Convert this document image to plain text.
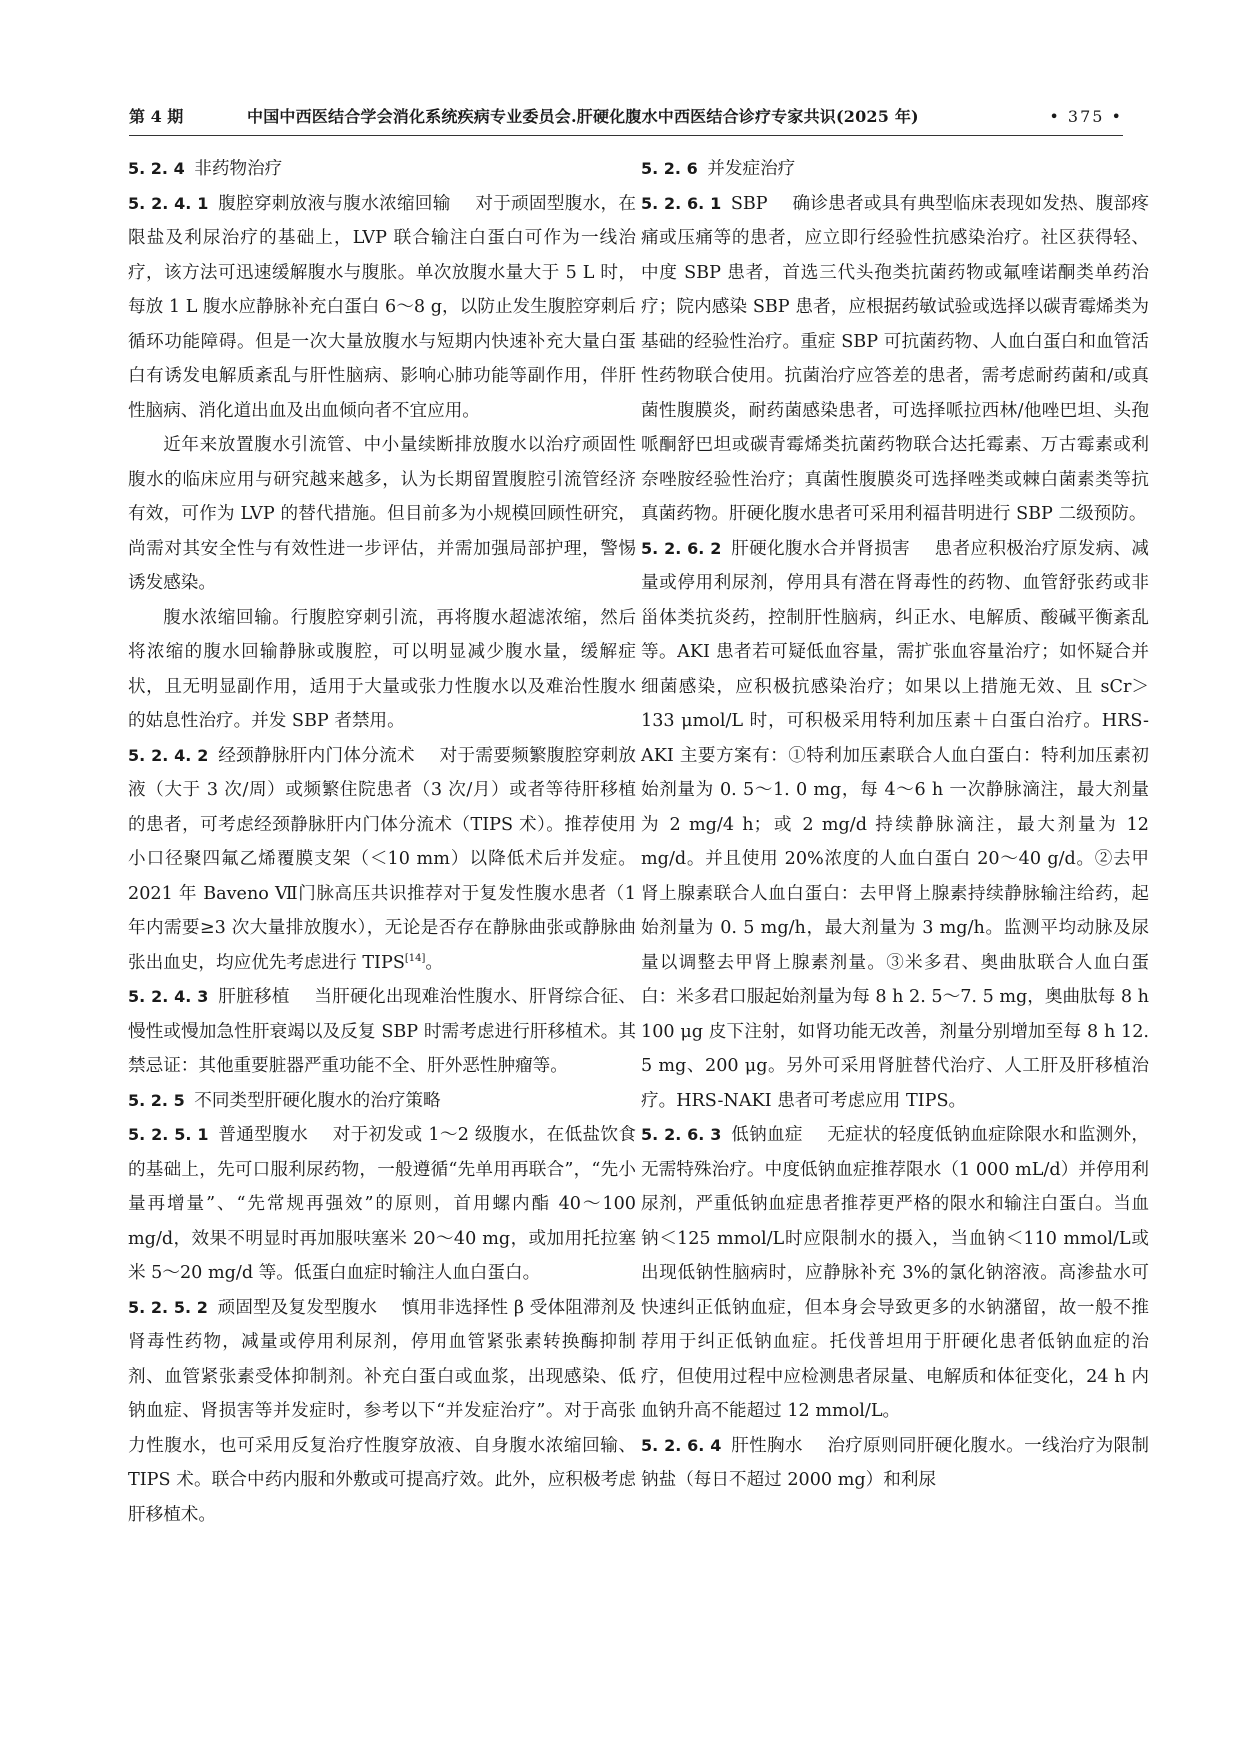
第 4 期	中国中西医结合学会消化系统疾病专业委员会.肝硬化腹水中西医结合诊疗专家共识(2025 年)	• 375 •

5. 2. 4 非药物治疗

5. 2. 4. 1 腹腔穿刺放液与腹水浓缩回输 对于顽固型腹水，在限盐及利尿治疗的基础上，LVP 联合输注白蛋白可作为一线治疗，该方法可迅速缓解腹水与腹胀。单次放腹水量大于 5 L 时，每放 1 L 腹水应静脉补充白蛋白 6～8 g，以防止发生腹腔穿刺后循环功能障碍。但是一次大量放腹水与短期内快速补充大量白蛋白有诱发电解质紊乱与肝性脑病、影响心肺功能等副作用，伴肝性脑病、消化道出血及出血倾向者不宜应用。

近年来放置腹水引流管、中小量续断排放腹水以治疗顽固性腹水的临床应用与研究越来越多，认为长期留置腹腔引流管经济有效，可作为 LVP 的替代措施。但目前多为小规模回顾性研究，尚需对其安全性与有效性进一步评估，并需加强局部护理，警惕诱发感染。

腹水浓缩回输。行腹腔穿刺引流，再将腹水超滤浓缩，然后将浓缩的腹水回输静脉或腹腔，可以明显减少腹水量，缓解症状，且无明显副作用，适用于大量或张力性腹水以及难治性腹水的姑息性治疗。并发 SBP 者禁用。

5. 2. 4. 2 经颈静脉肝内门体分流术 对于需要频繁腹腔穿刺放液（大于 3 次/周）或频繁住院患者（3 次/月）或者等待肝移植的患者，可考虑经颈静脉肝内门体分流术（TIPS 术）。推荐使用小口径聚四氟乙烯覆膜支架（＜10 mm）以降低术后并发症。2021 年 Baveno Ⅶ门脉高压共识推荐对于复发性腹水患者（1 年内需要≥3 次大量排放腹水），无论是否存在静脉曲张或静脉曲张出血史，均应优先考虑进行 TIPS[14]。

5. 2. 4. 3 肝脏移植 当肝硬化出现难治性腹水、肝肾综合征、慢性或慢加急性肝衰竭以及反复 SBP 时需考虑进行肝移植术。其禁忌证：其他重要脏器严重功能不全、肝外恶性肿瘤等。

5. 2. 5 不同类型肝硬化腹水的治疗策略

5. 2. 5. 1 普通型腹水 对于初发或 1～2 级腹水，在低盐饮食的基础上，先可口服利尿药物，一般遵循“先单用再联合”，“先小量再增量”、“先常规再强效”的原则，首用螺内酯 40～100 mg/d，效果不明显时再加服呋塞米 20～40 mg，或加用托拉塞米 5～20 mg/d 等。低蛋白血症时输注人血白蛋白。

5. 2. 5. 2 顽固型及复发型腹水 慎用非选择性 β 受体阻滞剂及肾毒性药物，减量或停用利尿剂，停用血管紧张素转换酶抑制剂、血管紧张素受体抑制剂。补充白蛋白或血浆，出现感染、低钠血症、肾损害等并发症时，参考以下“并发症治疗”。对于高张力性腹水，也可采用反复治疗性腹穿放液、自身腹水浓缩回输、TIPS 术。联合中药内服和外敷或可提高疗效。此外，应积极考虑肝移植术。

5. 2. 6 并发症治疗

5. 2. 6. 1 SBP 确诊患者或具有典型临床表现如发热、腹部疼痛或压痛等的患者，应立即行经验性抗感染治疗。社区获得轻、中度 SBP 患者，首选三代头孢类抗菌药物或氟喹诺酮类单药治疗；院内感染 SBP 患者，应根据药敏试验或选择以碳青霉烯类为基础的经验性治疗。重症 SBP 可抗菌药物、人血白蛋白和血管活性药物联合使用。抗菌治疗应答差的患者，需考虑耐药菌和/或真菌性腹膜炎，耐药菌感染患者，可选择哌拉西林/他唑巴坦、头孢哌酮舒巴坦或碳青霉烯类抗菌药物联合达托霉素、万古霉素或利奈唑胺经验性治疗；真菌性腹膜炎可选择唑类或棘白菌素类等抗真菌药物。肝硬化腹水患者可采用利福昔明进行 SBP 二级预防。

5. 2. 6. 2 肝硬化腹水合并肾损害 患者应积极治疗原发病、减量或停用利尿剂，停用具有潜在肾毒性的药物、血管舒张药或非甾体类抗炎药，控制肝性脑病，纠正水、电解质、酸碱平衡紊乱等。AKI 患者若可疑低血容量，需扩张血容量治疗；如怀疑合并细菌感染，应积极抗感染治疗；如果以上措施无效、且 sCr＞133 μmol/L 时，可积极采用特利加压素＋白蛋白治疗。HRS-AKI 主要方案有：①特利加压素联合人血白蛋白：特利加压素初始剂量为 0. 5～1. 0 mg，每 4～6 h 一次静脉滴注，最大剂量为 2 mg/4 h；或 2 mg/d 持续静脉滴注，最大剂量为 12 mg/d。并且使用 20%浓度的人血白蛋白 20～40 g/d。②去甲肾上腺素联合人血白蛋白：去甲肾上腺素持续静脉输注给药，起始剂量为 0. 5 mg/h，最大剂量为 3 mg/h。监测平均动脉及尿量以调整去甲肾上腺素剂量。③米多君、奥曲肽联合人血白蛋白：米多君口服起始剂量为每 8 h 2. 5～7. 5 mg，奥曲肽每 8 h 100 μg 皮下注射，如肾功能无改善，剂量分别增加至每 8 h 12. 5 mg、200 μg。另外可采用肾脏替代治疗、人工肝及肝移植治疗。HRS-NAKI 患者可考虑应用 TIPS。

5. 2. 6. 3 低钠血症 无症状的轻度低钠血症除限水和监测外，无需特殊治疗。中度低钠血症推荐限水（1 000 mL/d）并停用利尿剂，严重低钠血症患者推荐更严格的限水和输注白蛋白。当血钠＜125 mmol/L时应限制水的摄入，当血钠＜110 mmol/L或出现低钠性脑病时，应静脉补充 3%的氯化钠溶液。高渗盐水可快速纠正低钠血症，但本身会导致更多的水钠潴留，故一般不推荐用于纠正低钠血症。托伐普坦用于肝硬化患者低钠血症的治疗，但使用过程中应检测患者尿量、电解质和体征变化，24 h 内血钠升高不能超过 12 mmol/L。

5. 2. 6. 4 肝性胸水 治疗原则同肝硬化腹水。一线治疗为限制钠盐（每日不超过 2000 mg）和利尿
